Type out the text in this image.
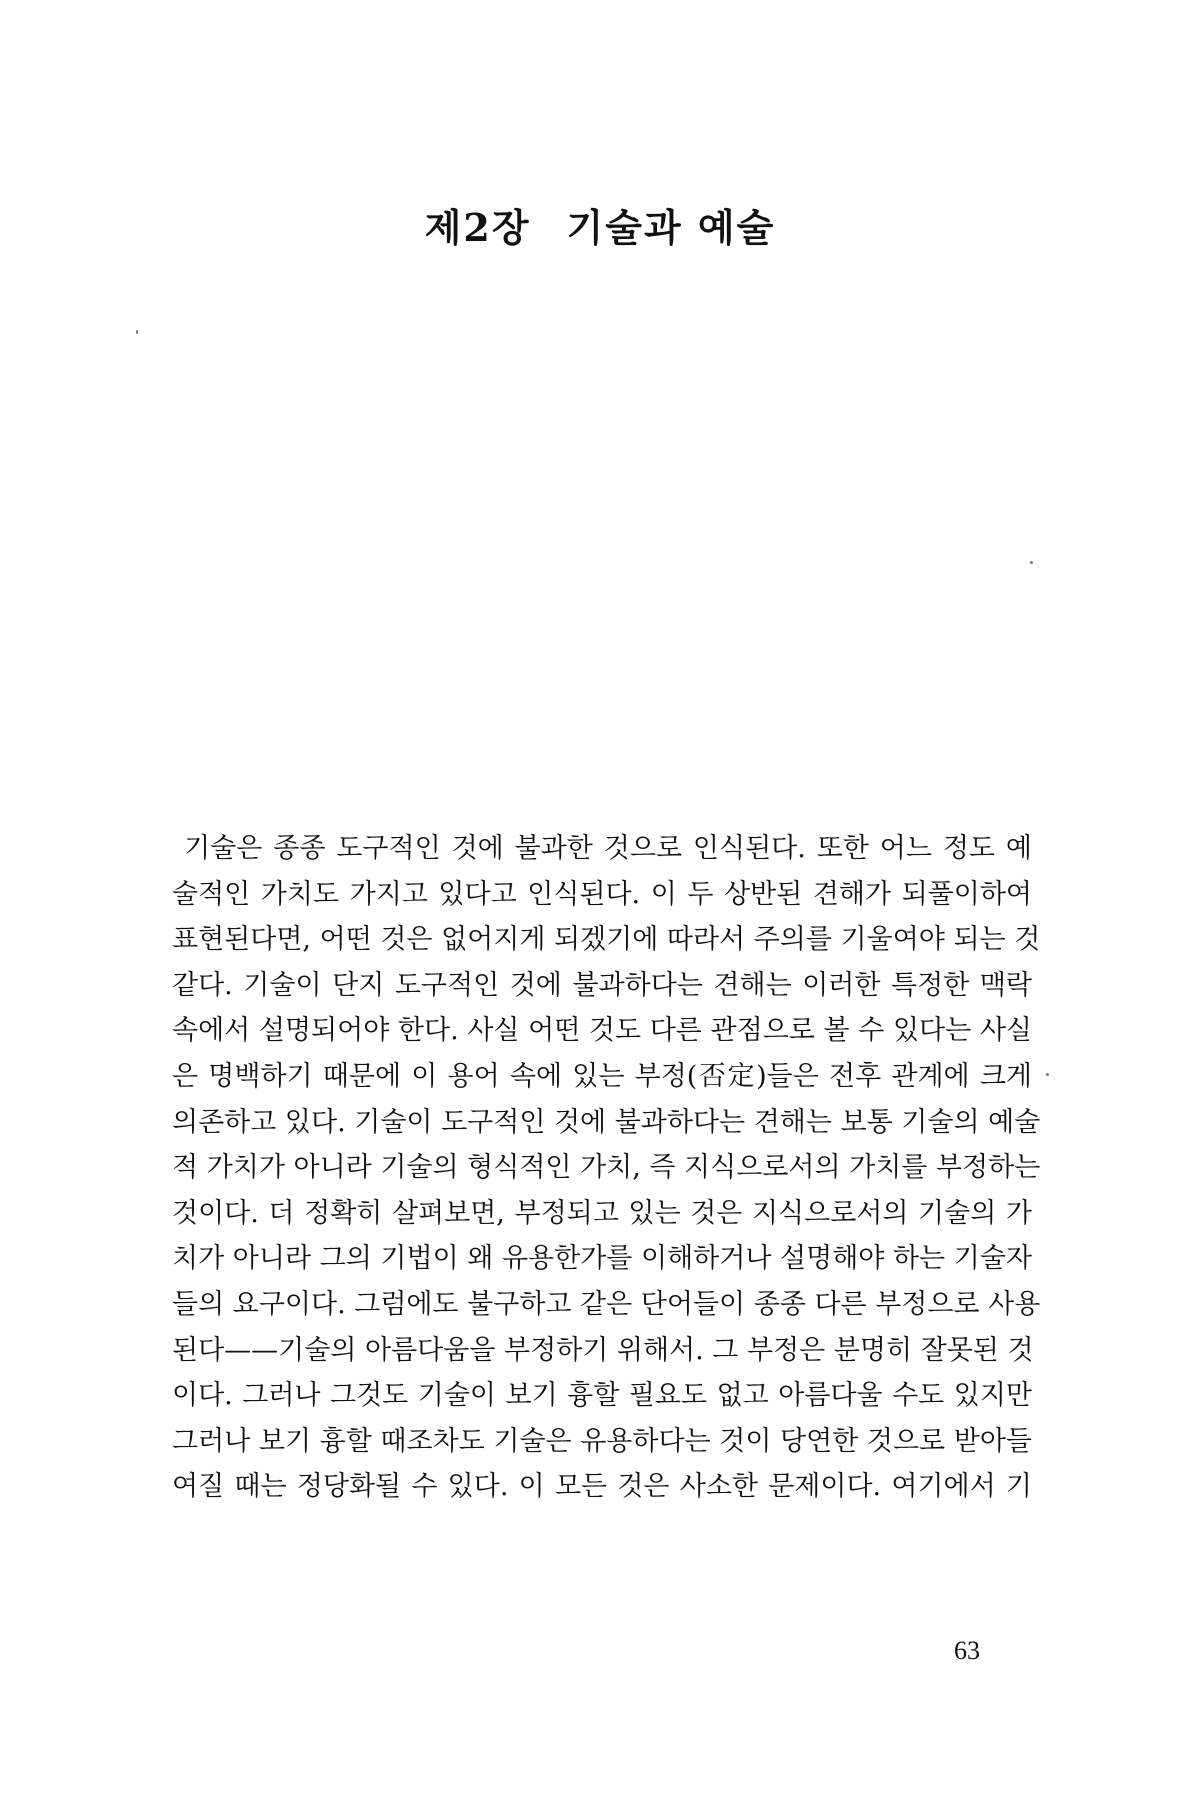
제2장 기술과 예술
기술은 종종 도구적인 것에 불과한 것으로 인식된다. 또한 어느 정도 예
술적인 가치도 가지고 있다고 인식된다. 이 두 상반된 견해가 되풀이하여
표현된다면, 어떤 것은 없어지게 되겠기에 따라서 주의를 기울여야 되는 것
같다. 기술이 단지 도구적인 것에 불과하다는 견해는 이러한 특정한 맥락
속에서 설명되어야 한다. 사실 어떤 것도 다른 관점으로 볼 수 있다는 사실
은 명백하기 때문에 이 용어 속에 있는 부정(否定)들은 전후 관계에 크게
의존하고 있다. 기술이 도구적인 것에 불과하다는 견해는 보통 기술의 예술
적 가치가 아니라 기술의 형식적인 가치, 즉 지식으로서의 가치를 부정하는
것이다. 더 정확히 살펴보면, 부정되고 있는 것은 지식으로서의 기술의 가
치가 아니라 그의 기법이 왜 유용한가를 이해하거나 설명해야 하는 기술자
들의 요구이다. 그럼에도 불구하고 같은 단어들이 종종 다른 부정으로 사용
된다——기술의 아름다움을 부정하기 위해서. 그 부정은 분명히 잘못된 것
이다. 그러나 그것도 기술이 보기 흉할 필요도 없고 아름다울 수도 있지만
그러나 보기 흉할 때조차도 기술은 유용하다는 것이 당연한 것으로 받아들
여질 때는 정당화될 수 있다. 이 모든 것은 사소한 문제이다. 여기에서 기
63
